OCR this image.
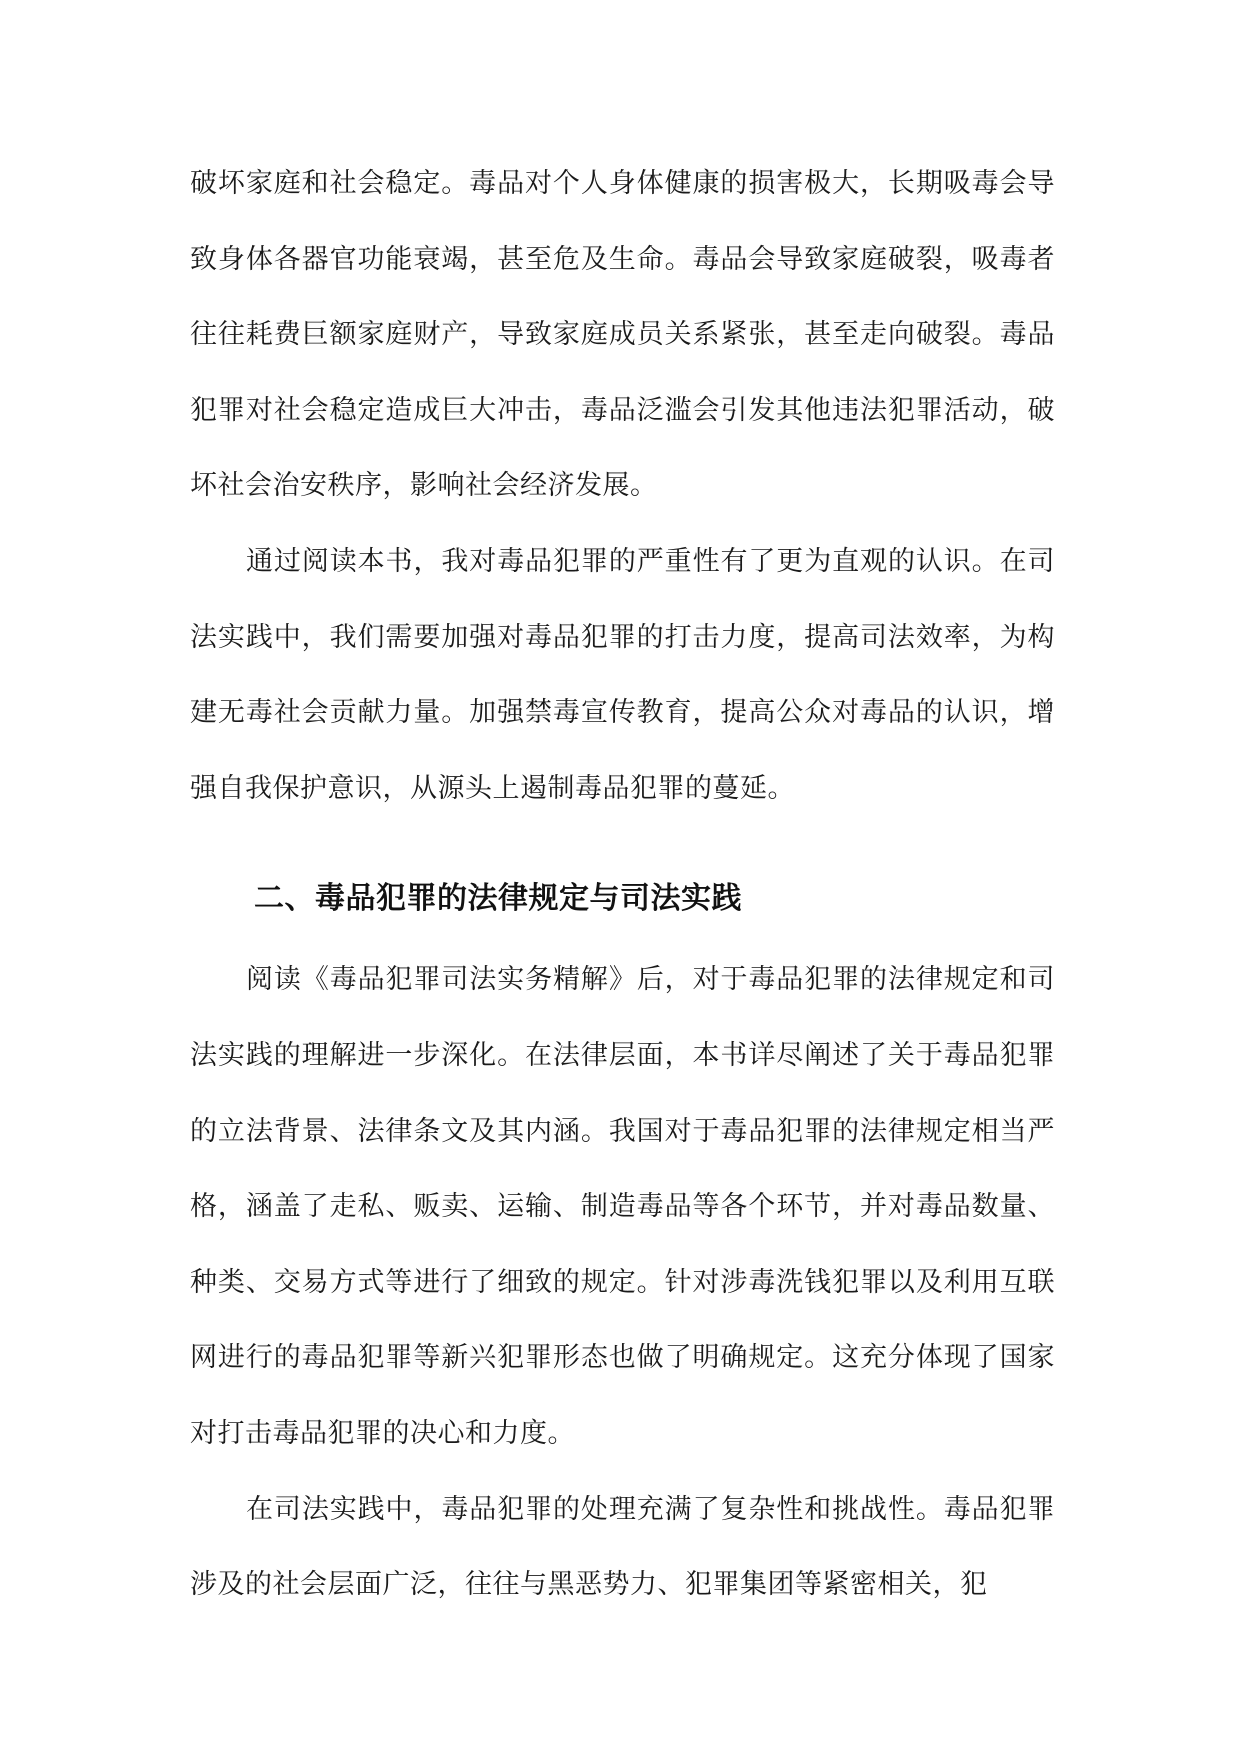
破坏家庭和社会稳定。毒品对个人身体健康的损害极大，长期吸毒会导致身体各器官功能衰竭，甚至危及生命。毒品会导致家庭破裂，吸毒者往往耗费巨额家庭财产，导致家庭成员关系紧张，甚至走向破裂。毒品犯罪对社会稳定造成巨大冲击，毒品泛滥会引发其他违法犯罪活动，破坏社会治安秩序，影响社会经济发展。

通过阅读本书，我对毒品犯罪的严重性有了更为直观的认识。在司法实践中，我们需要加强对毒品犯罪的打击力度，提高司法效率，为构建无毒社会贡献力量。加强禁毒宣传教育，提高公众对毒品的认识，增强自我保护意识，从源头上遏制毒品犯罪的蔓延。

二、毒品犯罪的法律规定与司法实践

阅读《毒品犯罪司法实务精解》后，对于毒品犯罪的法律规定和司法实践的理解进一步深化。在法律层面，本书详尽阐述了关于毒品犯罪的立法背景、法律条文及其内涵。我国对于毒品犯罪的法律规定相当严格，涵盖了走私、贩卖、运输、制造毒品等各个环节，并对毒品数量、种类、交易方式等进行了细致的规定。针对涉毒洗钱犯罪以及利用互联网进行的毒品犯罪等新兴犯罪形态也做了明确规定。这充分体现了国家对打击毒品犯罪的决心和力度。

在司法实践中，毒品犯罪的处理充满了复杂性和挑战性。毒品犯罪涉及的社会层面广泛，往往与黑恶势力、犯罪集团等紧密相关，犯
